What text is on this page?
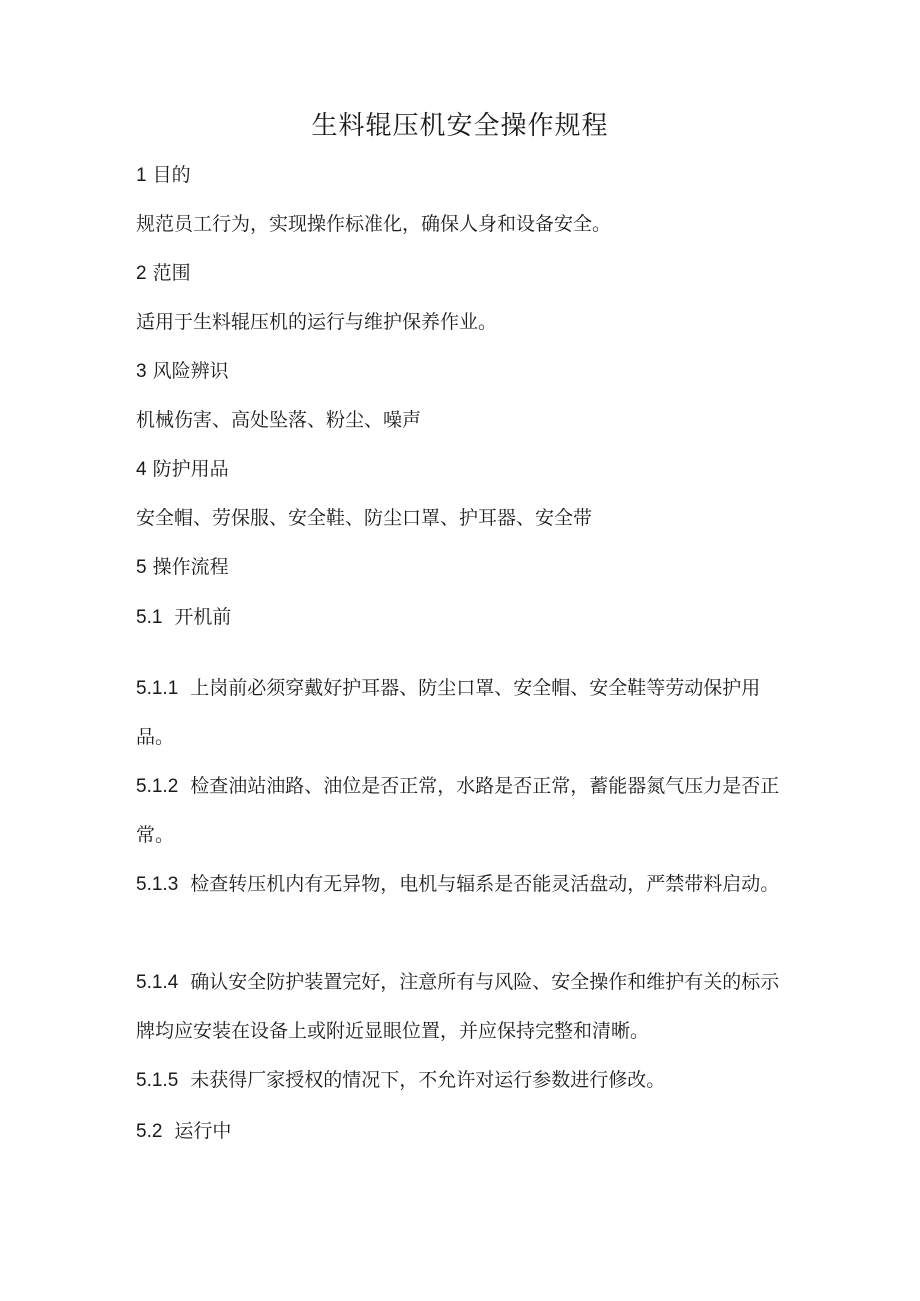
生料辊压机安全操作规程

1 目的

规范员工行为，实现操作标准化，确保人身和设备安全。

2 范围

适用于生料辊压机的运行与维护保养作业。

3 风险辨识

机械伤害、高处坠落、粉尘、噪声

4 防护用品

安全帽、劳保服、安全鞋、防尘口罩、护耳器、安全带

5 操作流程

5.1 开机前

5.1.1 上岗前必须穿戴好护耳器、防尘口罩、安全帽、安全鞋等劳动保护用品。

5.1.2 检查油站油路、油位是否正常，水路是否正常，蓄能器氮气压力是否正常。

5.1.3 检查转压机内有无异物，电机与辐系是否能灵活盘动，严禁带料启动。

5.1.4 确认安全防护装置完好，注意所有与风险、安全操作和维护有关的标示牌均应安装在设备上或附近显眼位置，并应保持完整和清晰。

5.1.5 未获得厂家授权的情况下，不允许对运行参数进行修改。

5.2 运行中
